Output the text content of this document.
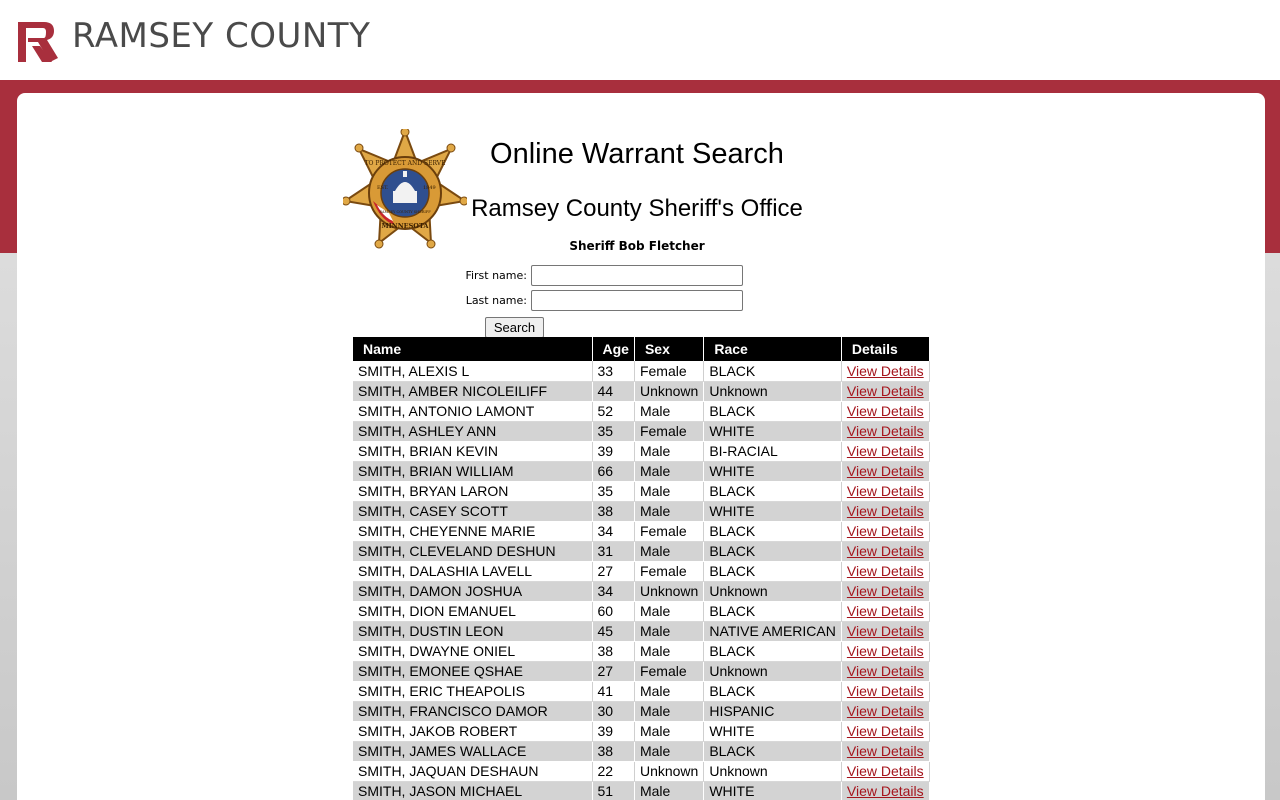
RAMSEY COUNTY
TO PROTECT AND SERVE
EST.	1849
MINNESOTA
RAMSEY COUNTY SHERIFF
Online Warrant Search
Ramsey County Sheriff's Office
Sheriff Bob Fletcher
First name:
Last name:
Search
Name	Age	Sex	Race	Details
SMITH, ALEXIS L	33	Female	BLACK	View Details
SMITH, AMBER NICOLEILIFF	44	Unknown	Unknown	View Details
SMITH, ANTONIO LAMONT	52	Male	BLACK	View Details
SMITH, ASHLEY ANN	35	Female	WHITE	View Details
SMITH, BRIAN KEVIN	39	Male	BI-RACIAL	View Details
SMITH, BRIAN WILLIAM	66	Male	WHITE	View Details
SMITH, BRYAN LARON	35	Male	BLACK	View Details
SMITH, CASEY SCOTT	38	Male	WHITE	View Details
SMITH, CHEYENNE MARIE	34	Female	BLACK	View Details
SMITH, CLEVELAND DESHUN	31	Male	BLACK	View Details
SMITH, DALASHIA LAVELL	27	Female	BLACK	View Details
SMITH, DAMON JOSHUA	34	Unknown	Unknown	View Details
SMITH, DION EMANUEL	60	Male	BLACK	View Details
SMITH, DUSTIN LEON	45	Male	NATIVE AMERICAN	View Details
SMITH, DWAYNE ONIEL	38	Male	BLACK	View Details
SMITH, EMONEE QSHAE	27	Female	Unknown	View Details
SMITH, ERIC THEAPOLIS	41	Male	BLACK	View Details
SMITH, FRANCISCO DAMOR	30	Male	HISPANIC	View Details
SMITH, JAKOB ROBERT	39	Male	WHITE	View Details
SMITH, JAMES WALLACE	38	Male	BLACK	View Details
SMITH, JAQUAN DESHAUN	22	Unknown	Unknown	View Details
SMITH, JASON MICHAEL	51	Male	WHITE	View Details
